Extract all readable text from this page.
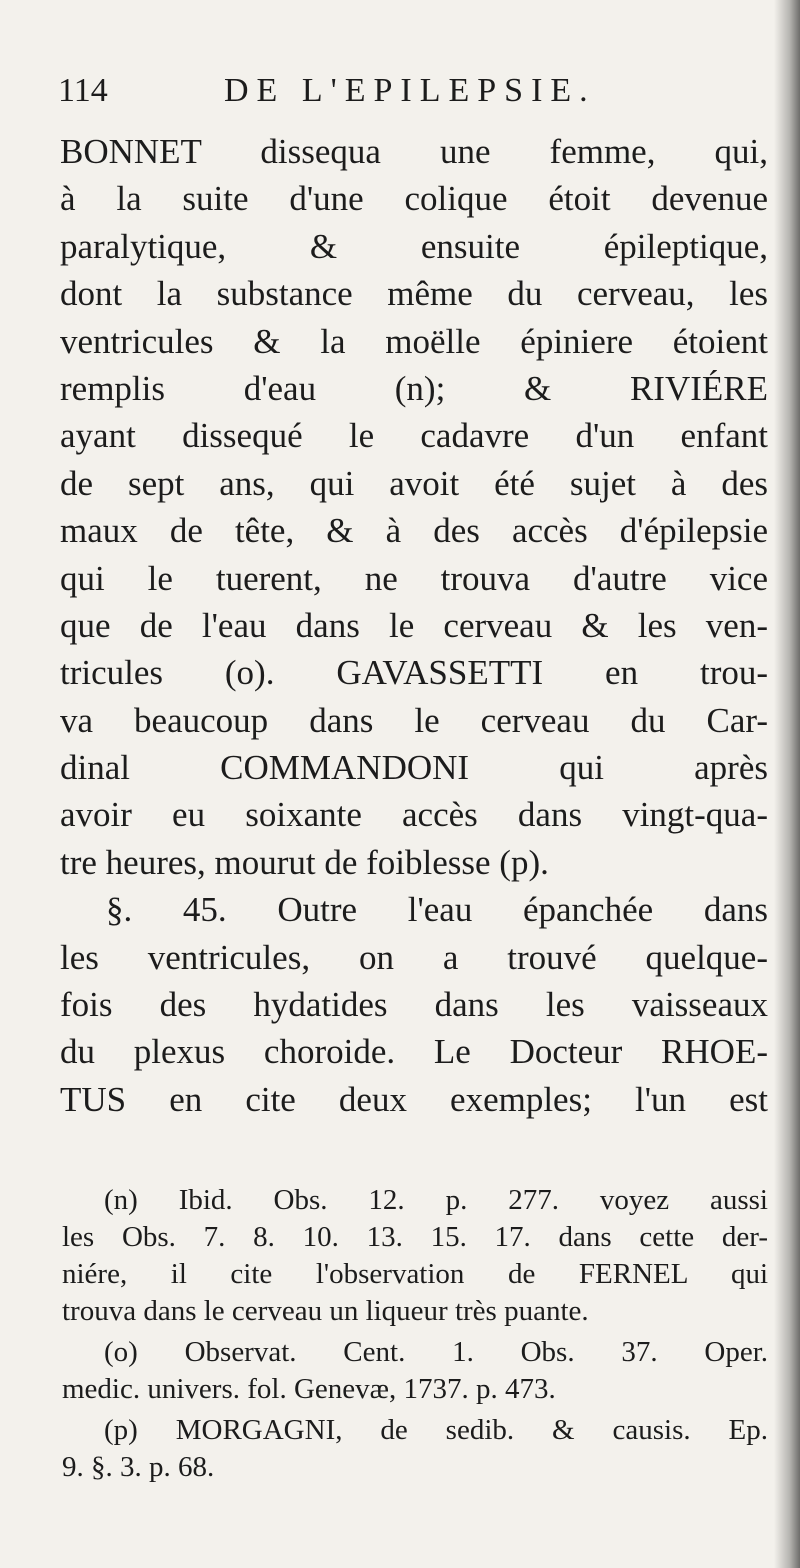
114	DE L'EPILEPSIE.
BONNET dissequa une femme, qui,
à la suite d'une colique étoit devenue
paralytique, & ensuite épileptique,
dont la substance même du cerveau, les
ventricules & la moëlle épiniere étoient
remplis d'eau (n); & RIVIÉRE
ayant dissequé le cadavre d'un enfant
de sept ans, qui avoit été sujet à des
maux de tête, & à des accès d'épilepsie
qui le tuerent, ne trouva d'autre vice
que de l'eau dans le cerveau & les ven-
tricules (o). GAVASSETTI en trou-
va beaucoup dans le cerveau du Car-
dinal COMMANDONI qui après
avoir eu soixante accès dans vingt-qua-
tre heures, mourut de foiblesse (p).
§. 45. Outre l'eau épanchée dans
les ventricules, on a trouvé quelque-
fois des hydatides dans les vaisseaux
du plexus choroide. Le Docteur RHOE-
TUS en cite deux exemples; l'un est
(n) Ibid. Obs. 12. p. 277. voyez aussi
les Obs. 7. 8. 10. 13. 15. 17. dans cette der-
niére, il cite l'observation de FERNEL qui
trouva dans le cerveau un liqueur très puante.
(o) Observat. Cent. 1. Obs. 37. Oper.
medic. univers. fol. Genevæ, 1737. p. 473.
(p) MORGAGNI, de sedib. & causis. Ep.
9. §. 3. p. 68.
